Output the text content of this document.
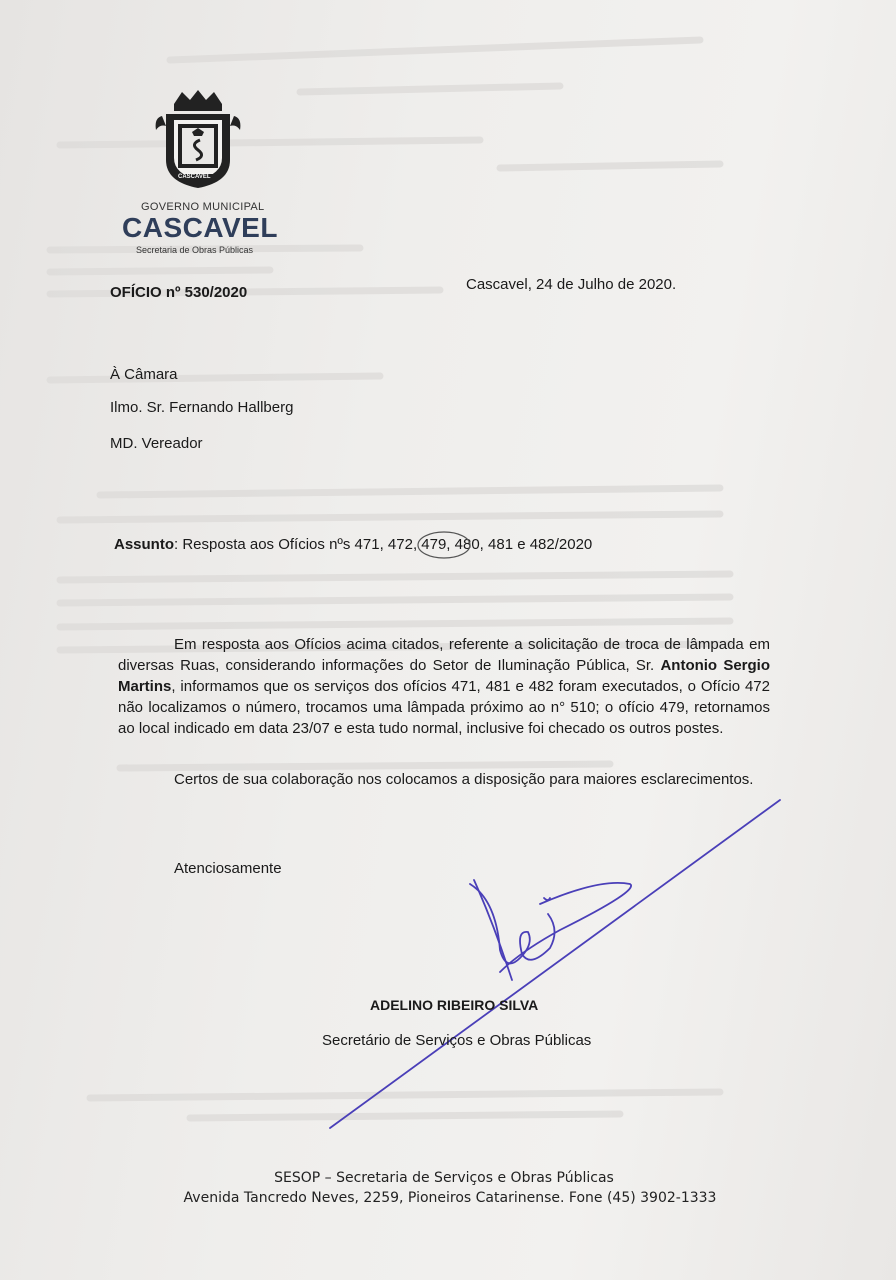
CASCAVEL
GOVERNO MUNICIPAL
CASCAVEL
Secretaria de Obras Públicas
OFÍCIO nº 530/2020	Cascavel, 24 de Julho de 2020.
À Câmara
Ilmo. Sr. Fernando Hallberg
MD. Vereador
Assunto: Resposta aos Ofícios nºs 471, 472, 479, 480, 481 e 482/2020
Em resposta aos Ofícios acima citados, referente a solicitação de troca de lâmpada em diversas Ruas, considerando informações do Setor de Iluminação Pública, Sr. Antonio Sergio Martins, informamos que os serviços dos ofícios 471, 481 e 482 foram executados, o Ofício 472 não localizamos o número, trocamos uma lâmpada próximo ao n° 510; o ofício 479, retornamos ao local indicado em data 23/07 e esta tudo normal, inclusive foi checado os outros postes.
Certos de sua colaboração nos colocamos a disposição para maiores esclarecimentos.
Atenciosamente
ADELINO RIBEIRO SILVA
Secretário de Serviços e Obras Públicas
SESOP – Secretaria de Serviços e Obras Públicas
Avenida Tancredo Neves, 2259, Pioneiros Catarinense. Fone (45) 3902-1333
